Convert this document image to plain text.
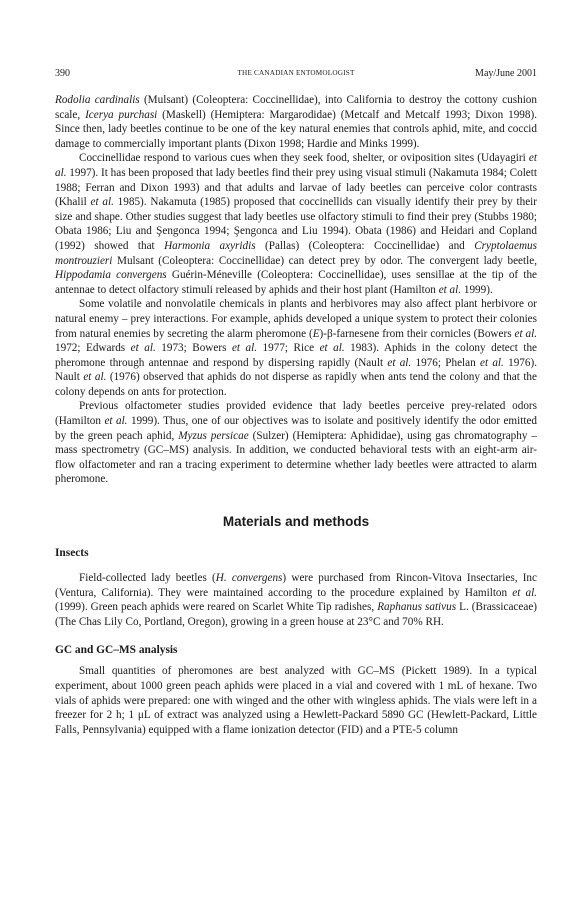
390	THE CANADIAN ENTOMOLOGIST	May/June 2001

Rodolia cardinalis (Mulsant) (Coleoptera: Coccinellidae), into California to destroy the cottony cushion scale, Icerya purchasi (Maskell) (Hemiptera: Margarodidae) (Metcalf and Metcalf 1993; Dixon 1998). Since then, lady beetles continue to be one of the key natural enemies that controls aphid, mite, and coccid damage to commercially important plants (Dixon 1998; Hardie and Minks 1999).

Coccinellidae respond to various cues when they seek food, shelter, or oviposition sites (Udayagiri et al. 1997). It has been proposed that lady beetles find their prey using visual stimuli (Nakamuta 1984; Colett 1988; Ferran and Dixon 1993) and that adults and larvae of lady beetles can perceive color contrasts (Khalil et al. 1985). Nakamuta (1985) proposed that coccinellids can visually identify their prey by their size and shape. Other studies suggest that lady beetles use olfactory stimuli to find their prey (Stubbs 1980; Obata 1986; Liu and Şengonca 1994; Şengonca and Liu 1994). Obata (1986) and Heidari and Copland (1992) showed that Harmonia axyridis (Pallas) (Coleoptera: Coccinellidae) and Cryptolaemus montrouzieri Mulsant (Coleoptera: Coccinellidae) can detect prey by odor. The convergent lady beetle, Hippodamia convergens Guérin-Méneville (Coleoptera: Coccinellidae), uses sensillae at the tip of the antennae to detect olfactory stimuli released by aphids and their host plant (Hamilton et al. 1999).

Some volatile and nonvolatile chemicals in plants and herbivores may also affect plant herbivore or natural enemy – prey interactions. For example, aphids developed a unique system to protect their colonies from natural enemies by secreting the alarm pheromone (E)-β-farnesene from their cornicles (Bowers et al. 1972; Edwards et al. 1973; Bowers et al. 1977; Rice et al. 1983). Aphids in the colony detect the pheromone through antennae and respond by dispersing rapidly (Nault et al. 1976; Phelan et al. 1976). Nault et al. (1976) observed that aphids do not disperse as rapidly when ants tend the colony and that the colony depends on ants for protection.

Previous olfactometer studies provided evidence that lady beetles perceive prey-related odors (Hamilton et al. 1999). Thus, one of our objectives was to isolate and positively identify the odor emitted by the green peach aphid, Myzus persicae (Sulzer) (Hemiptera: Aphididae), using gas chromatography – mass spectrometry (GC–MS) analysis. In addition, we conducted behavioral tests with an eight-arm air-flow olfactometer and ran a tracing experiment to determine whether lady beetles were attracted to alarm pheromone.

Materials and methods
Insects

Field-collected lady beetles (H. convergens) were purchased from Rincon-Vitova Insectaries, Inc (Ventura, California). They were maintained according to the procedure explained by Hamilton et al. (1999). Green peach aphids were reared on Scarlet White Tip radishes, Raphanus sativus L. (Brassicaceae) (The Chas Lily Co, Portland, Oregon), growing in a green house at 23°C and 70% RH.

GC and GC–MS analysis

Small quantities of pheromones are best analyzed with GC–MS (Pickett 1989). In a typical experiment, about 1000 green peach aphids were placed in a vial and covered with 1 mL of hexane. Two vials of aphids were prepared: one with winged and the other with wingless aphids. The vials were left in a freezer for 2 h; 1 μL of extract was analyzed using a Hewlett-Packard 5890 GC (Hewlett-Packard, Little Falls, Pennsylvania) equipped with a flame ionization detector (FID) and a PTE-5 column
